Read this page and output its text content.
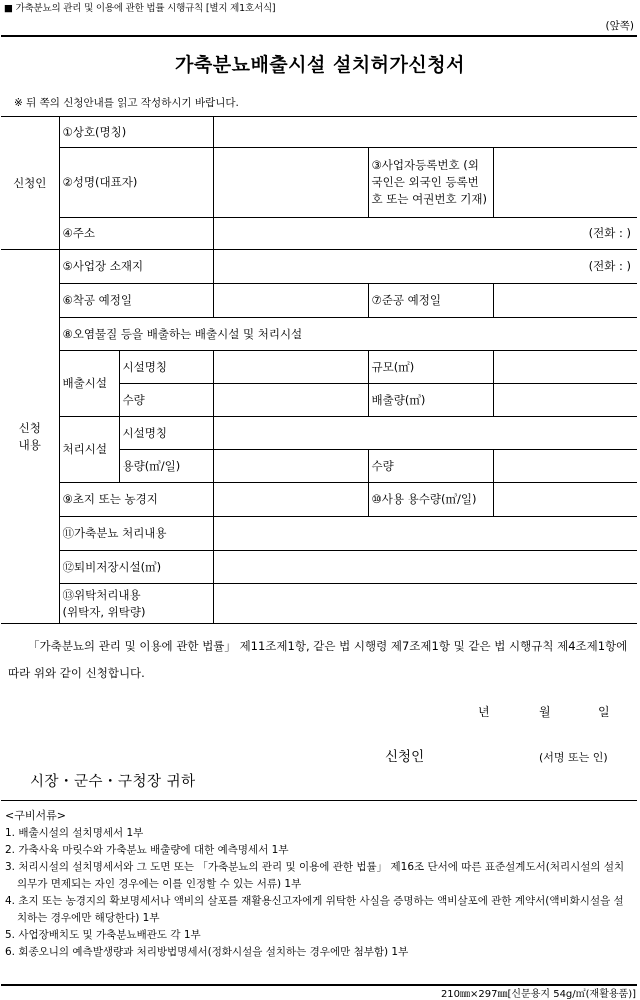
■ 가축분뇨의 관리 및 이용에 관한 법률 시행규칙 [별지 제1호서식]
(앞쪽)
가축분뇨배출시설 설치허가신청서
※ 뒤 쪽의 신청안내를 읽고 작성하시기 바랍니다.
신청인	①상호(명칭)				
	②성명(대표자)			③사업자등록번호 (외국인은 외국인 등록번호 또는 여권번호 기재)	
	④주소		(전화 : )		
신청
내용	⑤사업장 소재지		(전화 : )		
	⑥착공 예정일			⑦준공 예정일	
	⑧오염물질 등을 배출하는 배출시설 및 처리시설				
	배출시설	시설명칭		규모(㎡)	
		수량		배출량(㎥)	
	처리시설	시설명칭			
		용량(㎥/일)		수량	
	⑨초지 또는 농경지			⑩사용 용수량(㎥/일)	
	⑪가축분뇨 처리내용				
	⑫퇴비저장시설(㎥)				
	⑬위탁처리내용
(위탁자, 위탁량)				
「가축분뇨의 관리 및 이용에 관한 법률」 제11조제1항, 같은 법 시행령 제7조제1항 및 같은 법 시행규칙 제4조제1항에 따라 위와 같이 신청합니다.
년	월	일
신청인	(서명 또는 인)
시장・군수・구청장 귀하
<구비서류>
1. 배출시설의 설치명세서 1부
2. 가축사육 마릿수와 가축분뇨 배출량에 대한 예측명세서 1부
3. 처리시설의 설치명세서와 그 도면 또는 「가축분뇨의 관리 및 이용에 관한 법률」 제16조 단서에 따른 표준설계도서(처리시설의 설치의무가 면제되는 자인 경우에는 이를 인정할 수 있는 서류) 1부
4. 초지 또는 농경지의 확보명세서나 액비의 살포를 재활용신고자에게 위탁한 사실을 증명하는 액비살포에 관한 계약서(액비화시설을 설치하는 경우에만 해당한다) 1부
5. 사업장배치도 및 가축분뇨배관도 각 1부
6. 회종오니의 예측발생량과 처리방법명세서(정화시설을 설치하는 경우에만 첨부함) 1부
210㎜×297㎜[신문용지 54g/㎡(재활용품)]
